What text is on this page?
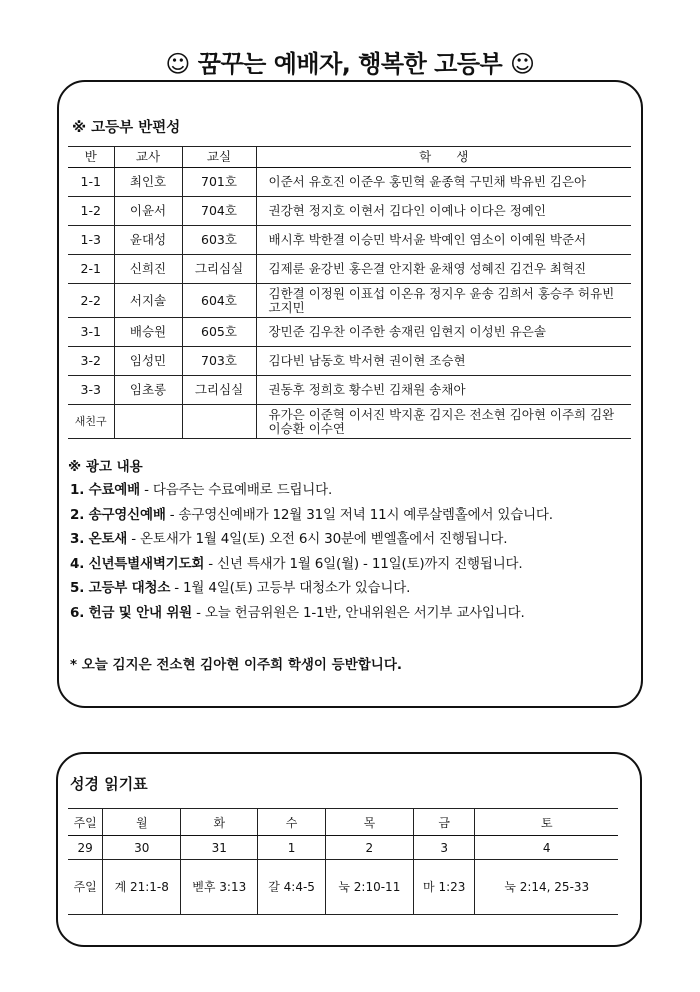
☺ 꿈꾸는 예배자, 행복한 고등부 ☺
※ 고등부 반편성
반	교사	교실	학　　생
1-1	최인호	701호	이준서 유호진 이준우 홍민혁 윤종혁 구민채 박유빈 김은아
1-2	이윤서	704호	권강현 정지호 이현서 김다인 이예나 이다은 정예인
1-3	윤대성	603호	배시후 박한결 이승민 박서윤 박예인 염소이 이예원 박준서
2-1	신희진	그리심실	김제룬 윤강빈 홍은결 안지환 윤채영 성혜진 김건우 최혁진
2-2	서지솔	604호	김한결 이정원 이표섭 이온유 정지우 윤송 김희서 홍승주 허유빈 고지민
3-1	배승원	605호	장민준 김우찬 이주한 송재린 임현지 이성빈 유은솔
3-2	임성민	703호	김다빈 남동호 박서현 권이현 조승현
3-3	임초롱	그리심실	권동후 정희호 황수빈 김채원 송채아
새친구			유가은 이준혁 이서진 박지훈 김지은 전소현 김아현 이주희 김완 이승환 이수연
※ 광고 내용
1. 수료예배 - 다음주는 수료예배로 드립니다.
2. 송구영신예배 - 송구영신예배가 12월 31일 저녁 11시 예루살렘홀에서 있습니다.
3. 온토새 - 온토새가 1월 4일(토) 오전 6시 30분에 벧엘홀에서 진행됩니다.
4. 신년특별새벽기도회 - 신년 특새가 1월 6일(월) - 11일(토)까지 진행됩니다.
5. 고등부 대청소 - 1월 4일(토) 고등부 대청소가 있습니다.
6. 헌금 및 안내 위원 - 오늘 헌금위원은 1-1반, 안내위원은 서기부 교사입니다.
* 오늘 김지은 전소현 김아현 이주희 학생이 등반합니다.
성경 읽기표
주일	월	화	수	목	금	토
29	30	31	1	2	3	4
주일	계 21:1-8	벧후 3:13	갈 4:4-5	눅 2:10-11	마 1:23	눅 2:14, 25-33
